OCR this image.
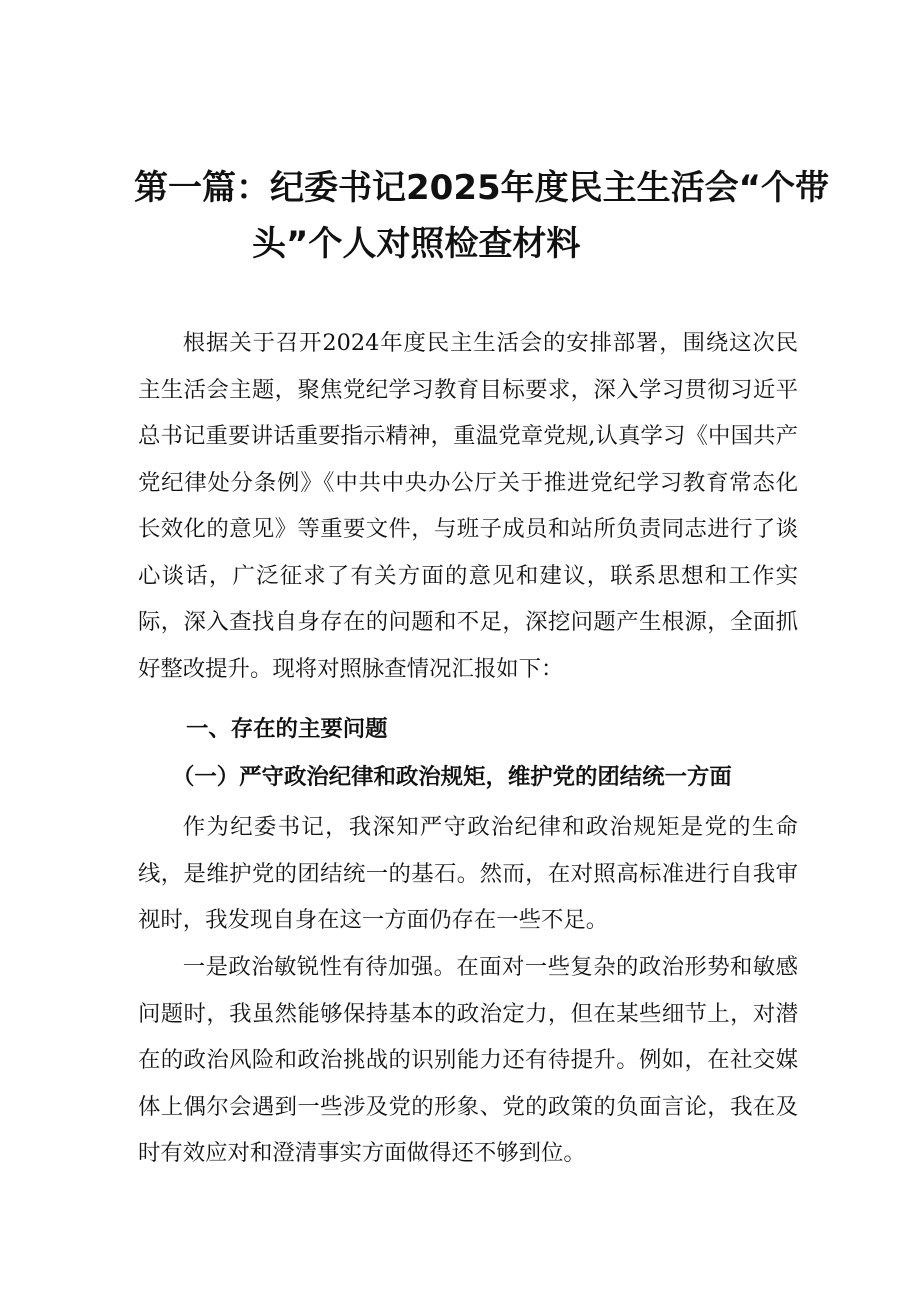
第一篇：纪委书记2025年度民主生活会“个带
头”个人对照检查材料

根据关于召开2024年度民主生活会的安排部署，围绕这次民主生活会主题，聚焦党纪学习教育目标要求，深入学习贯彻习近平总书记重要讲话重要指示精神，重温党章党规,认真学习《中国共产党纪律处分条例》《中共中央办公厅关于推进党纪学习教育常态化长效化的意见》等重要文件，与班子成员和站所负责同志进行了谈心谈话，广泛征求了有关方面的意见和建议，联系思想和工作实际，深入查找自身存在的问题和不足，深挖问题产生根源，全面抓好整改提升。现将对照脉查情况汇报如下：

一、存在的主要问题
（一）严守政治纪律和政治规矩，维护党的团结统一方面

作为纪委书记，我深知严守政治纪律和政治规矩是党的生命线，是维护党的团结统一的基石。然而，在对照高标准进行自我审视时，我发现自身在这一方面仍存在一些不足。

一是政治敏锐性有待加强。在面对一些复杂的政治形势和敏感问题时，我虽然能够保持基本的政治定力，但在某些细节上，对潜在的政治风险和政治挑战的识别能力还有待提升。例如，在社交媒体上偶尔会遇到一些涉及党的形象、党的政策的负面言论，我在及时有效应对和澄清事实方面做得还不够到位。
